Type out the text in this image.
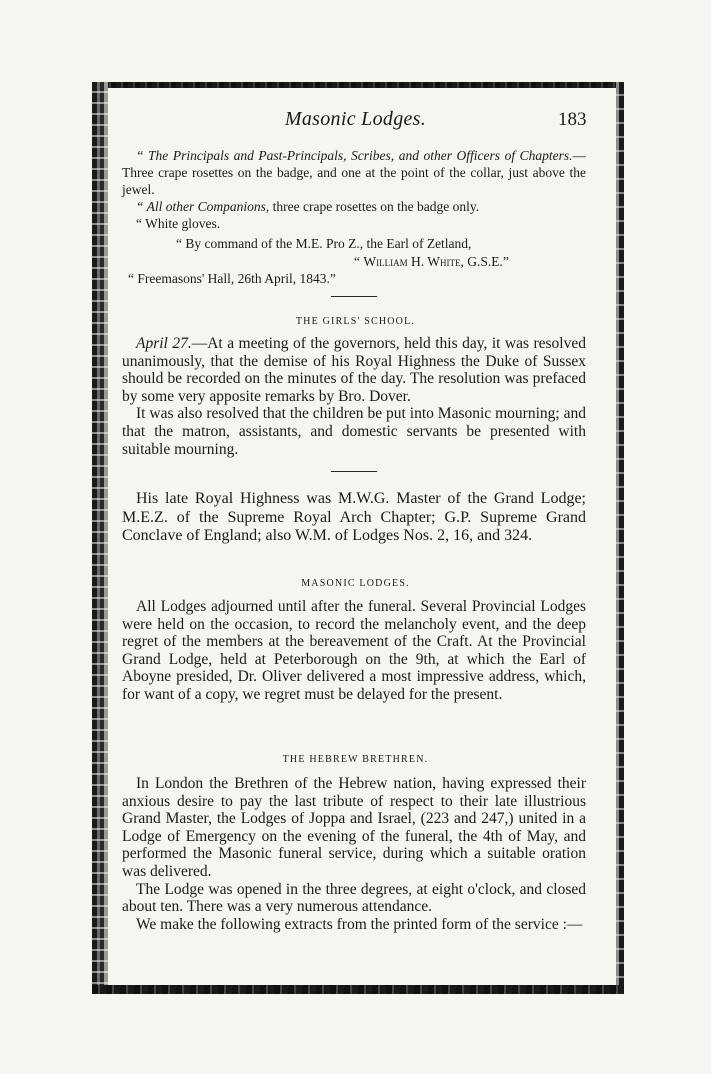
Masonic Lodges.	183

“ The Principals and Past-Principals, Scribes, and other Officers of Chapters.—Three crape rosettes on the badge, and one at the point of the collar, just above the jewel.

“ All other Companions, three crape rosettes on the badge only.

“ White gloves.

“ By command of the M.E. Pro Z., the Earl of Zetland,
“ William H. White, G.S.E.”
“ Freemasons' Hall, 26th April, 1843.”
THE GIRLS' SCHOOL.

April 27.—At a meeting of the governors, held this day, it was resolved unanimously, that the demise of his Royal Highness the Duke of Sussex should be recorded on the minutes of the day. The resolution was prefaced by some very apposite remarks by Bro. Dover.

It was also resolved that the children be put into Masonic mourning; and that the matron, assistants, and domestic servants be presented with suitable mourning.

His late Royal Highness was M.W.G. Master of the Grand Lodge; M.E.Z. of the Supreme Royal Arch Chapter; G.P. Supreme Grand Conclave of England; also W.M. of Lodges Nos. 2, 16, and 324.

MASONIC LODGES.

All Lodges adjourned until after the funeral. Several Provincial Lodges were held on the occasion, to record the melancholy event, and the deep regret of the members at the bereavement of the Craft. At the Provincial Grand Lodge, held at Peterborough on the 9th, at which the Earl of Aboyne presided, Dr. Oliver delivered a most impressive address, which, for want of a copy, we regret must be delayed for the present.

THE HEBREW BRETHREN.

In London the Brethren of the Hebrew nation, having expressed their anxious desire to pay the last tribute of respect to their late illustrious Grand Master, the Lodges of Joppa and Israel, (223 and 247,) united in a Lodge of Emergency on the evening of the funeral, the 4th of May, and performed the Masonic funeral service, during which a suitable oration was delivered.

The Lodge was opened in the three degrees, at eight o'clock, and closed about ten. There was a very numerous attendance.

We make the following extracts from the printed form of the service :—
